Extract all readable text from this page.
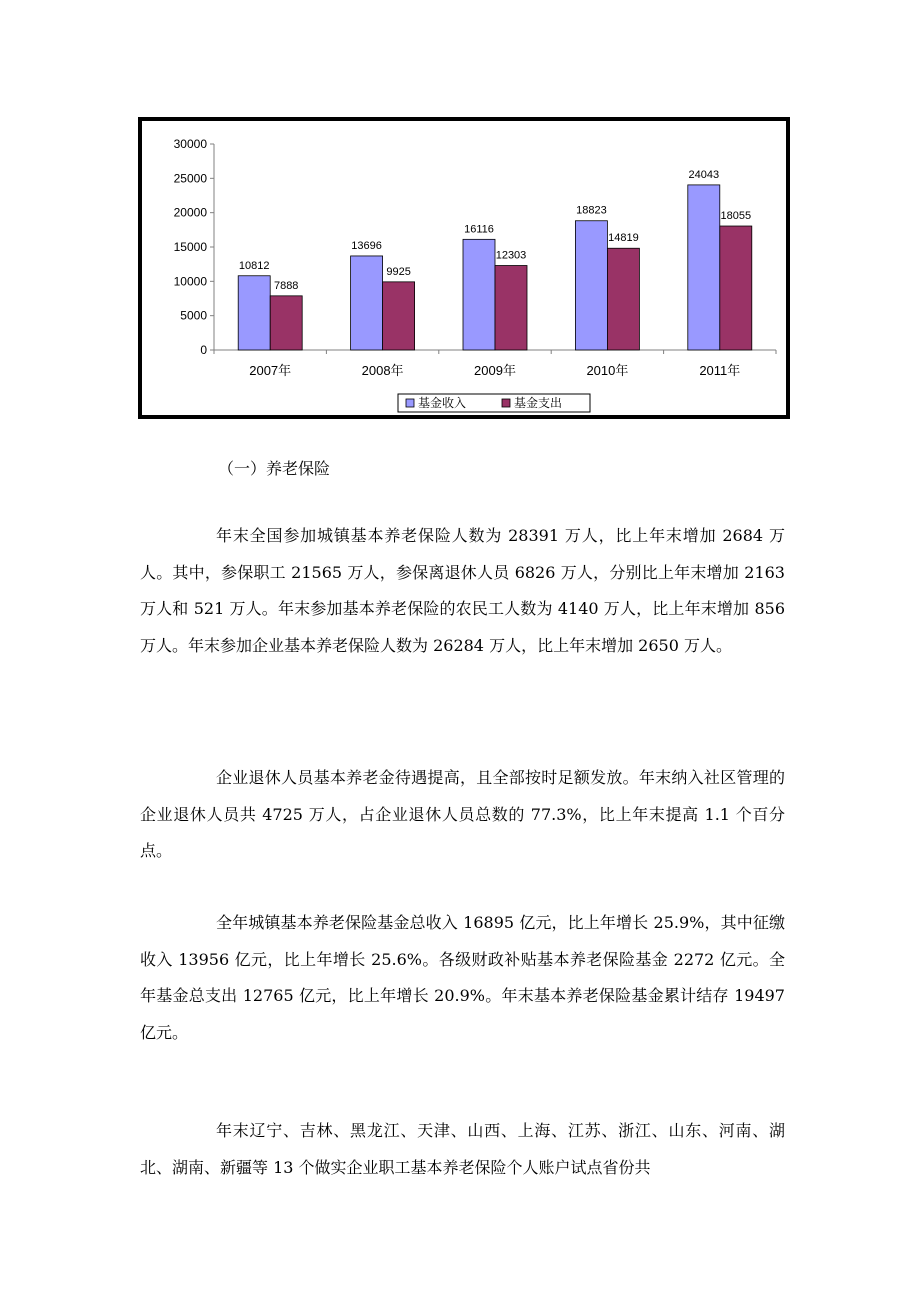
0
5000
10000
15000
20000
25000
30000
2007年
10812
7888
2008年
13696
9925
2009年
16116
12303
2010年
18823
14819
2011年
24043
18055
基金收入	基金支出
（一）养老保险

年末全国参加城镇基本养老保险人数为 28391 万人，比上年末增加 2684 万人。其中，参保职工 21565 万人，参保离退休人员 6826 万人，分别比上年末增加 2163 万人和 521 万人。年末参加基本养老保险的农民工人数为 4140 万人，比上年末增加 856 万人。年末参加企业基本养老保险人数为 26284 万人，比上年末增加 2650 万人。

企业退休人员基本养老金待遇提高，且全部按时足额发放。年末纳入社区管理的企业退休人员共 4725 万人，占企业退休人员总数的 77.3%，比上年末提高 1.1 个百分点。

全年城镇基本养老保险基金总收入 16895 亿元，比上年增长 25.9%，其中征缴收入 13956 亿元，比上年增长 25.6%。各级财政补贴基本养老保险基金 2272 亿元。全年基金总支出 12765 亿元，比上年增长 20.9%。年末基本养老保险基金累计结存 19497 亿元。

年末辽宁、吉林、黑龙江、天津、山西、上海、江苏、浙江、山东、河南、湖北、湖南、新疆等 13 个做实企业职工基本养老保险个人账户试点省份共
